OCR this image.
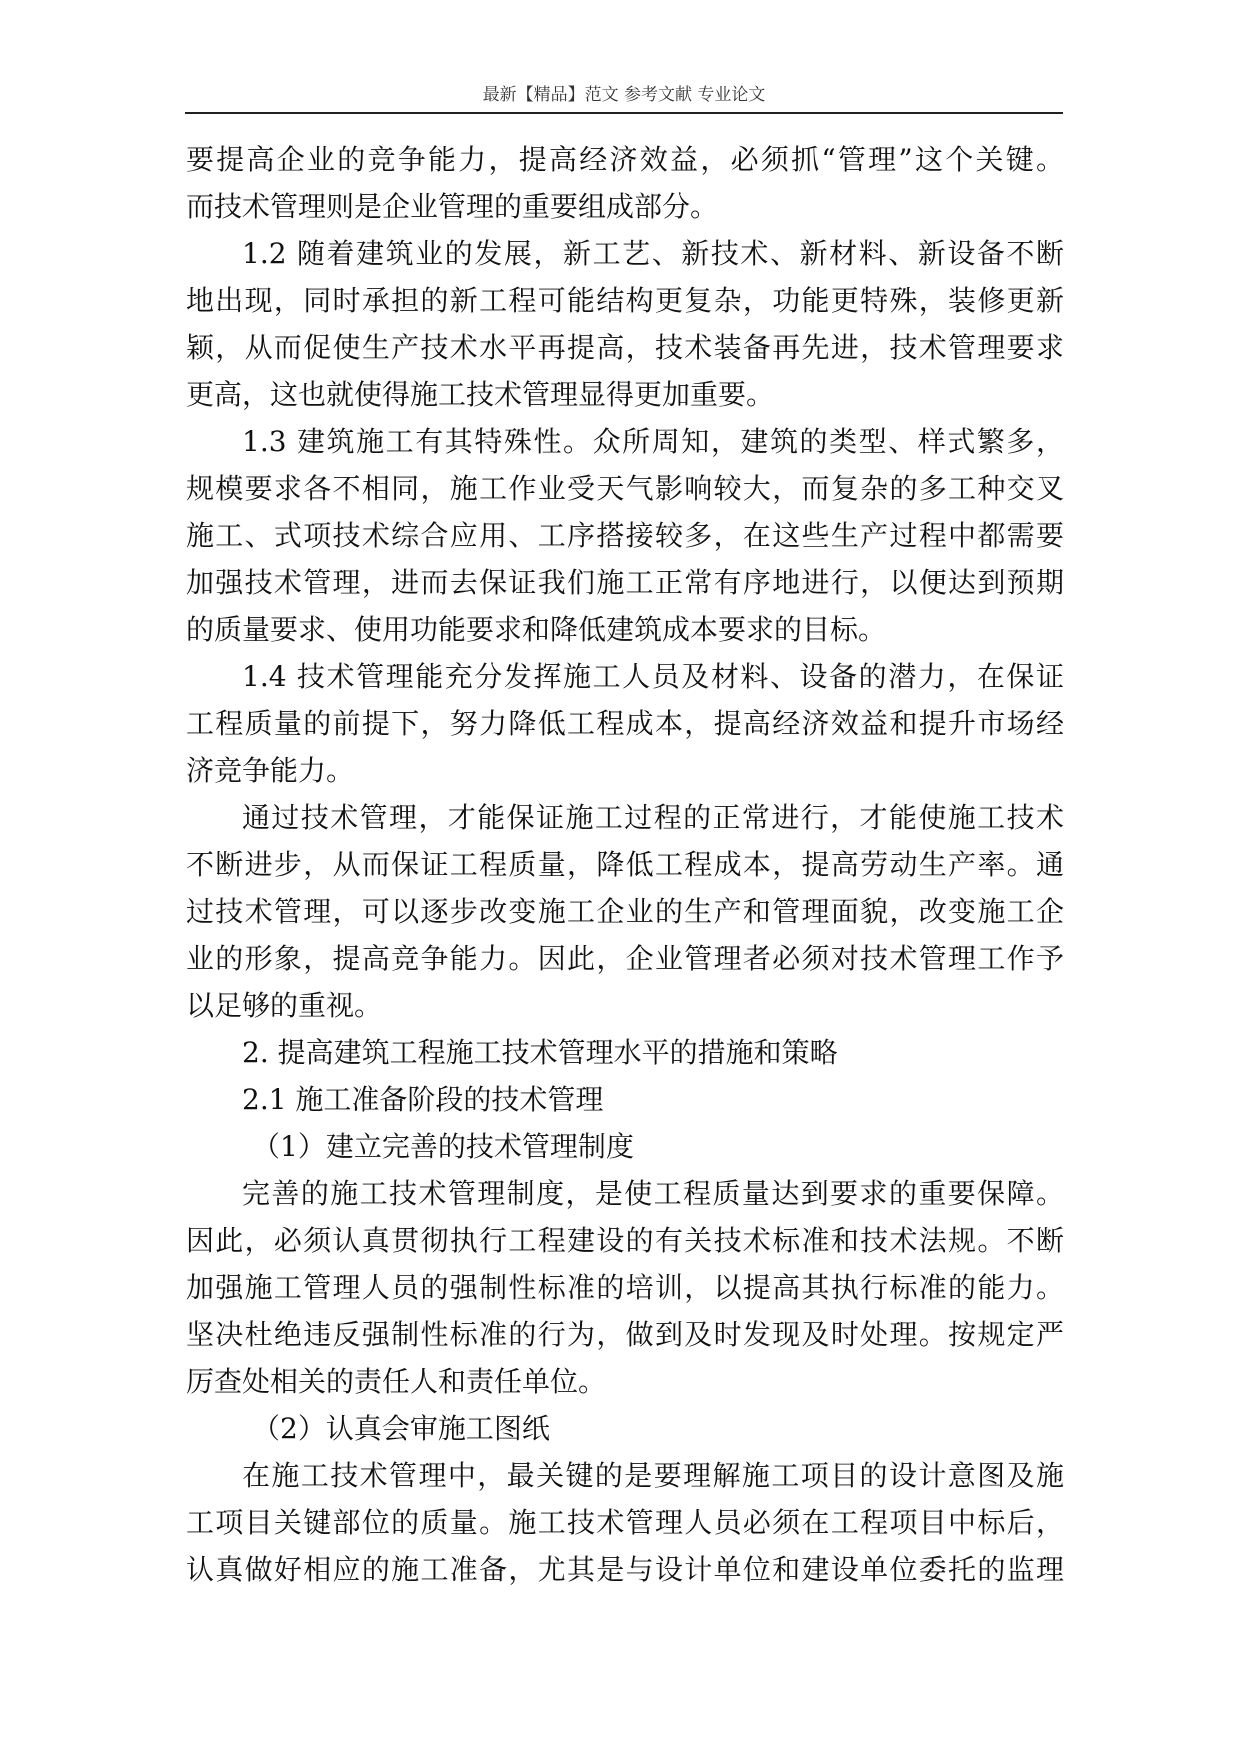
最新【精品】范文 参考文献 专业论文
要提高企业的竞争能力，提高经济效益，必须抓“管理”这个关键。
而技术管理则是企业管理的重要组成部分。
1.2 随着建筑业的发展，新工艺、新技术、新材料、新设备不断
地出现，同时承担的新工程可能结构更复杂，功能更特殊，装修更新
颖，从而促使生产技术水平再提高，技术装备再先进，技术管理要求
更高，这也就使得施工技术管理显得更加重要。
1.3 建筑施工有其特殊性。众所周知，建筑的类型、样式繁多，
规模要求各不相同，施工作业受天气影响较大，而复杂的多工种交叉
施工、式项技术综合应用、工序搭接较多，在这些生产过程中都需要
加强技术管理，进而去保证我们施工正常有序地进行，以便达到预期
的质量要求、使用功能要求和降低建筑成本要求的目标。
1.4 技术管理能充分发挥施工人员及材料、设备的潜力，在保证
工程质量的前提下，努力降低工程成本，提高经济效益和提升市场经
济竞争能力。
通过技术管理，才能保证施工过程的正常进行，才能使施工技术
不断进步，从而保证工程质量，降低工程成本，提高劳动生产率。通
过技术管理，可以逐步改变施工企业的生产和管理面貌，改变施工企
业的形象，提高竞争能力。因此，企业管理者必须对技术管理工作予
以足够的重视。
2. 提高建筑工程施工技术管理水平的措施和策略
2.1 施工准备阶段的技术管理
（1）建立完善的技术管理制度
完善的施工技术管理制度，是使工程质量达到要求的重要保障。
因此，必须认真贯彻执行工程建设的有关技术标准和技术法规。不断
加强施工管理人员的强制性标准的培训，以提高其执行标准的能力。
坚决杜绝违反强制性标准的行为，做到及时发现及时处理。按规定严
厉查处相关的责任人和责任单位。
（2）认真会审施工图纸
在施工技术管理中，最关键的是要理解施工项目的设计意图及施
工项目关键部位的质量。施工技术管理人员必须在工程项目中标后，
认真做好相应的施工准备，尤其是与设计单位和建设单位委托的监理
